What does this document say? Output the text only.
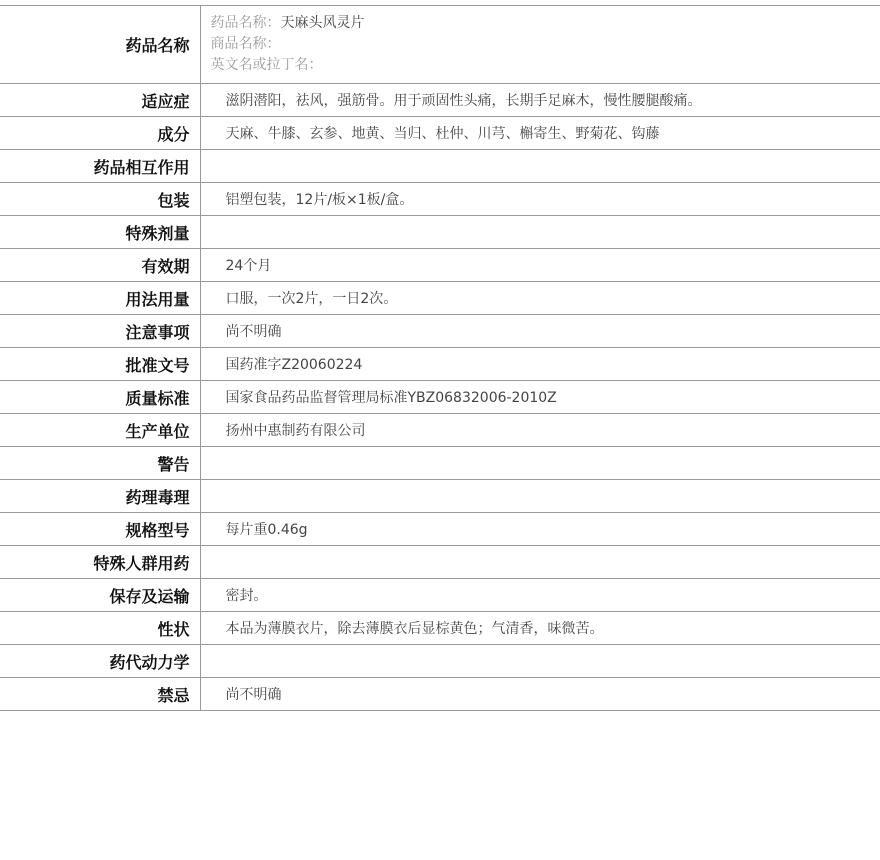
药品名称	药品名称：天麻头风灵片
商品名称：
英文名或拉丁名：

适应症	滋阴潜阳，祛风，强筋骨。用于顽固性头痛，长期手足麻木，慢性腰腿酸痛。
成分	天麻、牛膝、玄参、地黄、当归、杜仲、川芎、槲寄生、野菊花、钩藤
药品相互作用	
包装	铝塑包装，12片/板×1板/盒。
特殊剂量	
有效期	24个月
用法用量	口服，一次2片，一日2次。
注意事项	尚不明确
批准文号	国药准字Z20060224
质量标准	国家食品药品监督管理局标准YBZ06832006-2010Z
生产单位	扬州中惠制药有限公司
警告	
药理毒理	
规格型号	每片重0.46g
特殊人群用药	
保存及运输	密封。
性状	本品为薄膜衣片，除去薄膜衣后显棕黄色；气清香，味微苦。
药代动力学	
禁忌	尚不明确
